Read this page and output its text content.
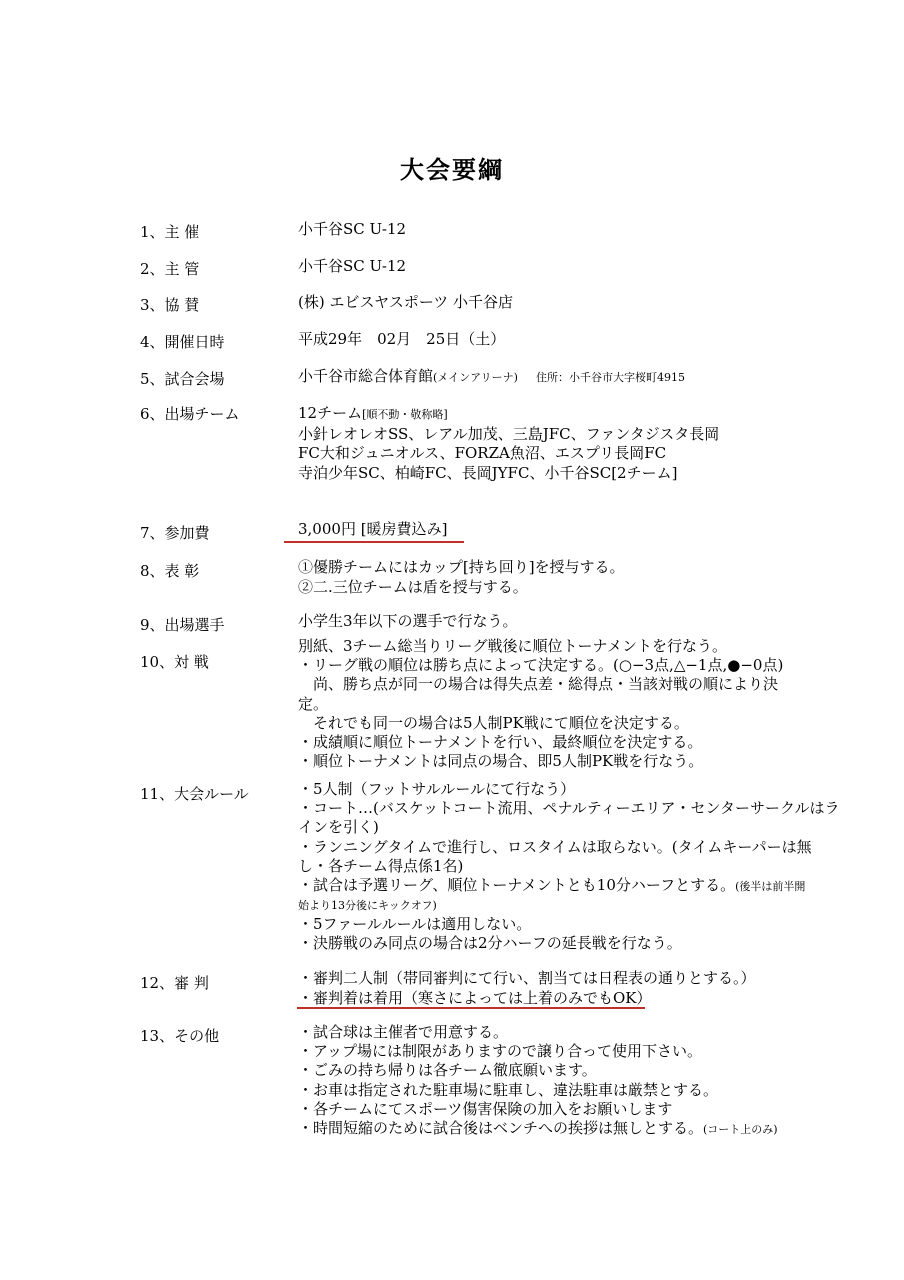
大会要綱
1、主 催	小千谷SC U-12
2、主 管	小千谷SC U-12
3、協 賛	(株) エビスヤスポーツ 小千谷店
4、開催日時	平成29年　02月　25日（土）
5、試合会場	小千谷市総合体育館(メインアリーナ) 住所：小千谷市大字桜町4915
6、出場チーム	12チーム[順不動・敬称略]
小針レオレオSS、レアル加茂、三島JFC、ファンタジスタ長岡
FC大和ジュニオルス、FORZA魚沼、エスプリ長岡FC
寺泊少年SC、柏崎FC、長岡JYFC、小千谷SC[2チーム]
7、参加費	3,000円 [暖房費込み]
8、表 彰	①優勝チームにはカップ[持ち回り]を授与する。
②二.三位チームは盾を授与する。
9、出場選手	小学生3年以下の選手で行なう。
10、対 戦
別紙、3チーム総当りリーグ戦後に順位トーナメントを行なう。
・リーグ戦の順位は勝ち点によって決定する。(○−3点,△−1点,●−0点)
　尚、勝ち点が同一の場合は得失点差・総得点・当該対戦の順により決
定。
　それでも同一の場合は5人制PK戦にて順位を決定する。
・成績順に順位トーナメントを行い、最終順位を決定する。
・順位トーナメントは同点の場合、即5人制PK戦を行なう。
11、大会ルール	・5人制（フットサルルールにて行なう）
・コート…(バスケットコート流用、ペナルティーエリア・センターサークルはラ
インを引く)
・ランニングタイムで進行し、ロスタイムは取らない。(タイムキーパーは無
し・各チーム得点係1名)
・試合は予選リーグ、順位トーナメントとも10分ハーフとする。(後半は前半開
始より13分後にキックオフ)
・5ファールルールは適用しない。
・決勝戦のみ同点の場合は2分ハーフの延長戦を行なう。
12、審 判	・審判二人制（帯同審判にて行い、割当ては日程表の通りとする。）
・審判着は着用（寒さによっては上着のみでもOK）
13、その他	・試合球は主催者で用意する。
・アップ場には制限がありますので譲り合って使用下さい。
・ごみの持ち帰りは各チーム徹底願います。
・お車は指定された駐車場に駐車し、違法駐車は厳禁とする。
・各チームにてスポーツ傷害保険の加入をお願いします
・時間短縮のために試合後はベンチへの挨拶は無しとする。(コート上のみ)
